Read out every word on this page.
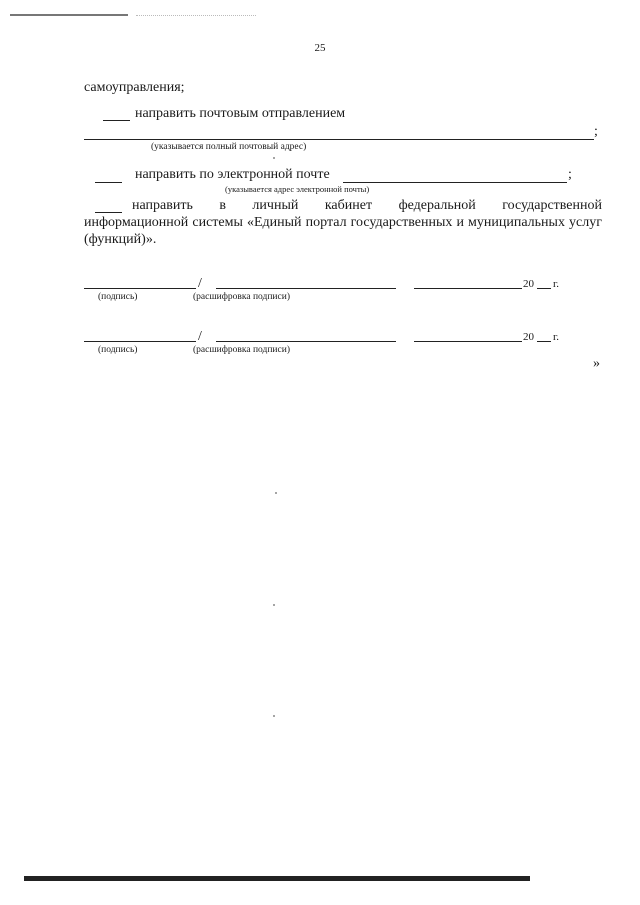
25
самоуправления;
направить почтовым отправлением
;
(указывается полный почтовый адрес)
направить по электронной почте	;
(указывается адрес электронной почты)
направить в личный кабинет федеральной государственной
информационной системы «Единый портал государственных и муниципальных услуг (функций)».
/	20 г.
(подпись)	(расшифровка подписи)
/	20 г.
(подпись)	(расшифровка подписи)
»
